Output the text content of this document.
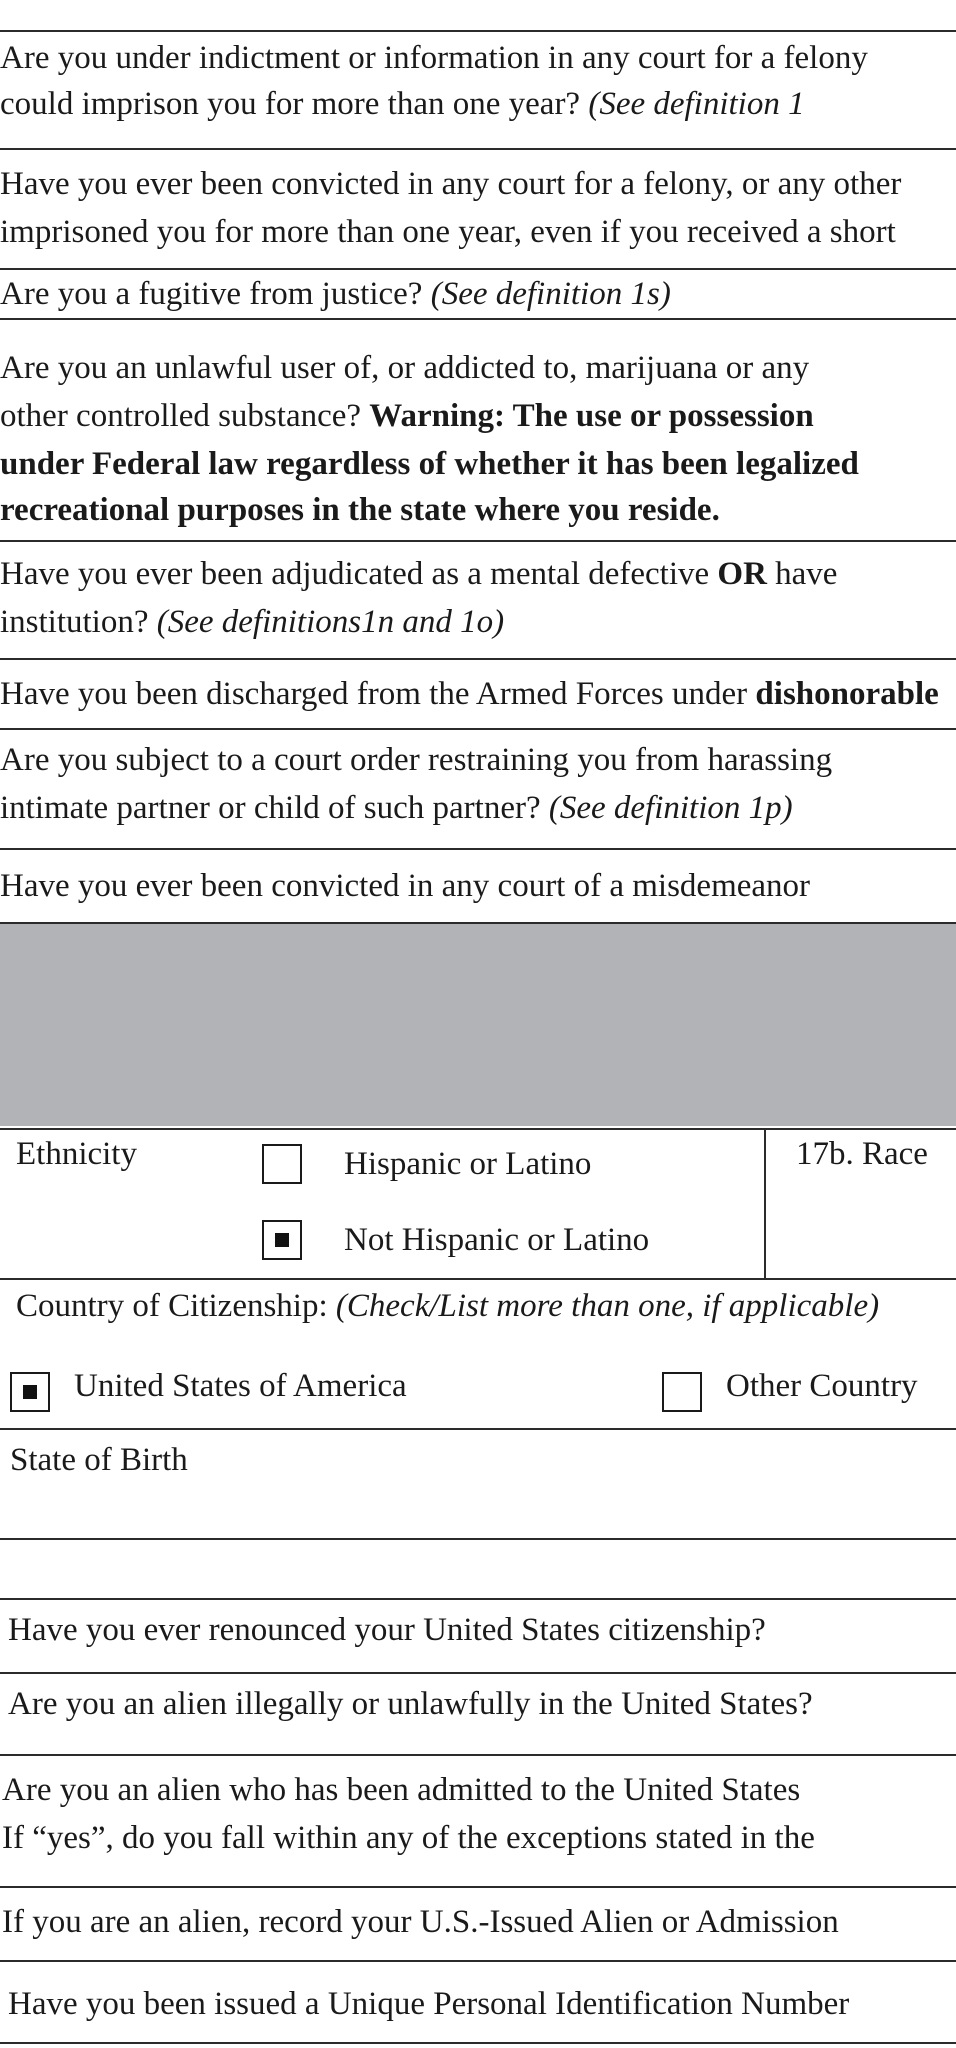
Are you under indictment or information in any court for a felony
could imprison you for more than one year? (See definition 1
Have you ever been convicted in any court for a felony, or any other
imprisoned you for more than one year, even if you received a short
Are you a fugitive from justice? (See definition 1s)
Are you an unlawful user of, or addicted to, marijuana or any
other controlled substance? Warning: The use or possession
under Federal law regardless of whether it has been legalized
recreational purposes in the state where you reside.
Have you ever been adjudicated as a mental defective OR have
institution? (See definitions1n and 1o)
Have you been discharged from the Armed Forces under dishonorable
Are you subject to a court order restraining you from harassing
intimate partner or child of such partner? (See definition 1p)
Have you ever been convicted in any court of a misdemeanor
Ethnicity	Hispanic or Latino
Not Hispanic or Latino
17b. Race
Country of Citizenship: (Check/List more than one, if applicable)
United States of America	Other Country
State of Birth
Have you ever renounced your United States citizenship?
Are you an alien illegally or unlawfully in the United States?
Are you an alien who has been admitted to the United States
If “yes”, do you fall within any of the exceptions stated in the
If you are an alien, record your U.S.-Issued Alien or Admission
Have you been issued a Unique Personal Identification Number
